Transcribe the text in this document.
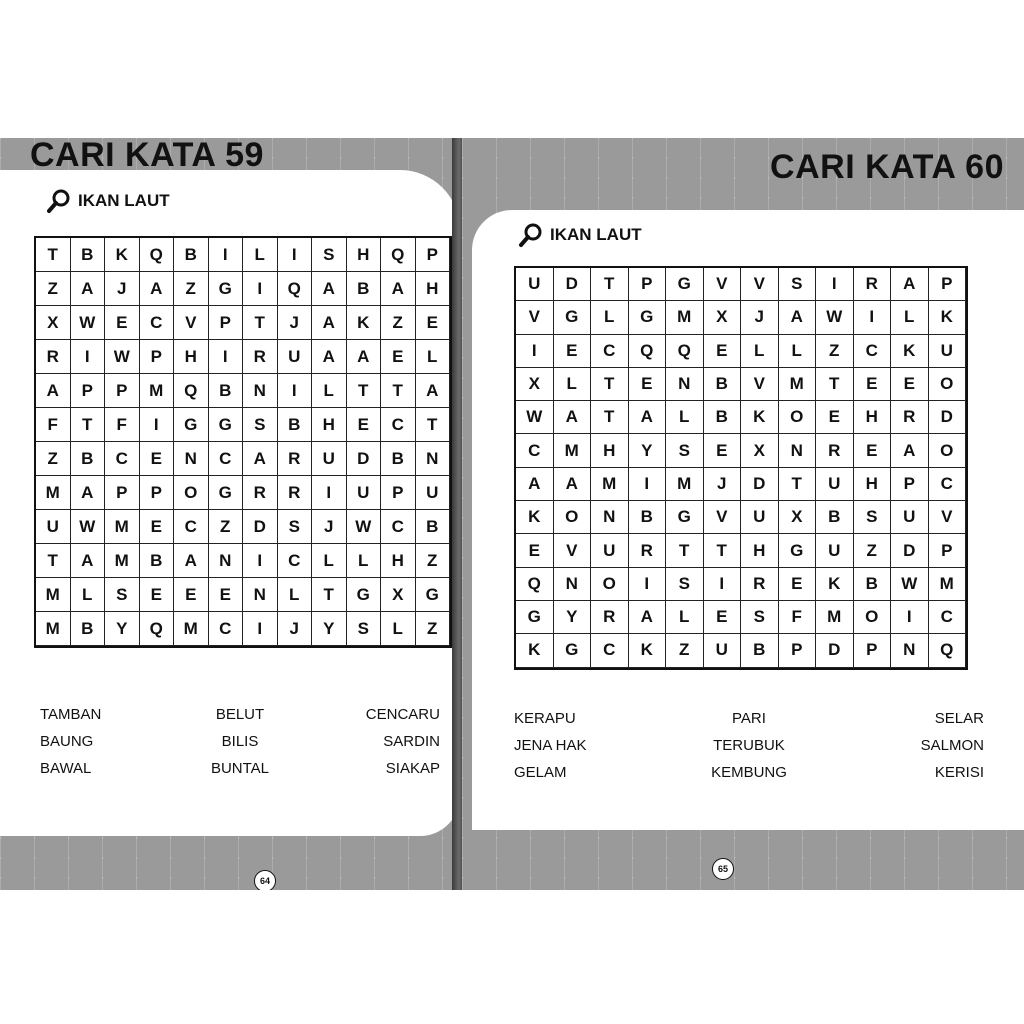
CARI KATA 59
IKAN LAUT
T	B	K	Q	B	I	L	I	S	H	Q	P
Z	A	J	A	Z	G	I	Q	A	B	A	H
X	W	E	C	V	P	T	J	A	K	Z	E
R	I	W	P	H	I	R	U	A	A	E	L
A	P	P	M	Q	B	N	I	L	T	T	A
F	T	F	I	G	G	S	B	H	E	C	T
Z	B	C	E	N	C	A	R	U	D	B	N
M	A	P	P	O	G	R	R	I	U	P	U
U	W	M	E	C	Z	D	S	J	W	C	B
T	A	M	B	A	N	I	C	L	L	H	Z
M	L	S	E	E	E	N	L	T	G	X	G
M	B	Y	Q	M	C	I	J	Y	S	L	Z
TAMBAN
BAUNG
BAWAL
BELUT
BILIS
BUNTAL
CENCARU
SARDIN
SIAKAP
64
CARI KATA 60
IKAN LAUT
U	D	T	P	G	V	V	S	I	R	A	P
V	G	L	G	M	X	J	A	W	I	L	K
I	E	C	Q	Q	E	L	L	Z	C	K	U
X	L	T	E	N	B	V	M	T	E	E	O
W	A	T	A	L	B	K	O	E	H	R	D
C	M	H	Y	S	E	X	N	R	E	A	O
A	A	M	I	M	J	D	T	U	H	P	C
K	O	N	B	G	V	U	X	B	S	U	V
E	V	U	R	T	T	H	G	U	Z	D	P
Q	N	O	I	S	I	R	E	K	B	W	M
G	Y	R	A	L	E	S	F	M	O	I	C
K	G	C	K	Z	U	B	P	D	P	N	Q
KERAPU
JENA HAK
GELAM
PARI
TERUBUK
KEMBUNG
SELAR
SALMON
KERISI
65
